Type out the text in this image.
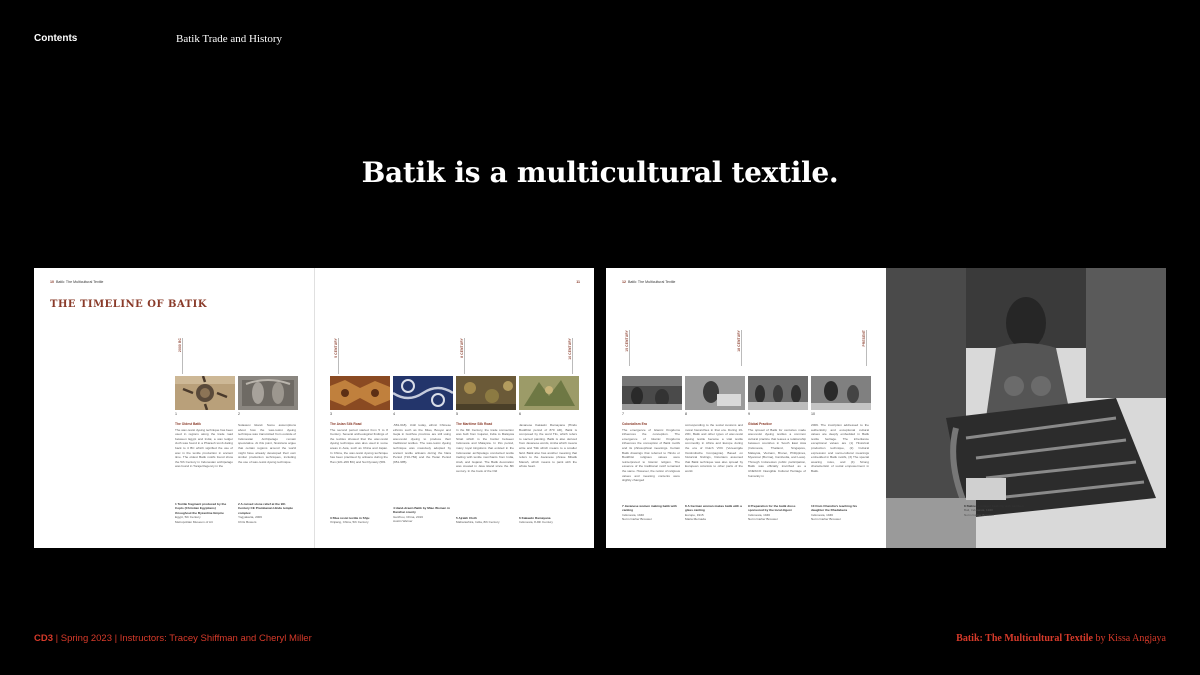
Contents	Batik Trade and History
Batik is a multicultural textile.
10 Batik: The Multicultural Textile	11
THE TIMELINE OF BATIK
2000 BC	5 CENTURY	8 CENTURY	10 CENTURY
1	2	3	4	5	6
The Oldest Batik
The wax-resist dyeing technique has been used in regions along the trade road between Egypt and India; a wax ledger cloth was found in a Pharaoh tomb dating back to 4 BC which signified the use of wax in the textile production in ancient time. The oldest Batik motifs found show the 5th Century in Indonesian archipelago was found in Toraja Regency in the
Sulawesi Island. Some assumptions about how the wax-resist dyeing technique was transmitted from outside of Indonesian Archipelago remain speculative. At this point, historians argue that certain regions around the world might have already developed their own similar production techniques, including the use of wax-resist dyeing technique.
The Asian Silk Road
The second period started from 5 to 8 Century. Several archeological findings of the textiles showed that the wax-resist dyeing technique was also used in some areas in Asia, such as China and Japan. In China, the wax-resist dyeing technique has been practised by artisans during the Han (221-206 BC) and Sui Dynasty (581
-581-618). Until today, ethnic Chinese ethnics such as the Miao, Bouyei and Gejia in Guizhou province are still using wax-resist dyeing to produce their traditional textiles. The wax-resist dyeing technique was massively adopted by ancient textile artisans during the Nara Period (710-784) and the Heian Period (951-985).
The Maritime Silk Road
In the 8th Century, the trade connection was built from Gujarat, India to Malaysia Strait which is the border between Indonesia and Malaysia. In this period, many royal kingdoms that existed in the Indonesian archipelago conducted textile trading with textile merchants from India, Arab, and Gujarat. The Batik decoration was created in Java island since the 8th century. In the book of the Old
Javanese Kakawin Ramayana (Hindu Buddhist period of 870 AD), Batik is composed by the word Tlis, which refers to sacred painting. Batik is also derived from Javanese words, Amba which means write and Titik which means to a smaller field. Batik also has another meaning that refers to the Javanese phrase Mbatik Manah, which means to paint with the whole heart.
1 Textile fragment produced by the Copts (Christian Egyptians) throughout the Byzantine Empire
Egypt, 5th Century
Metropolitan Museum of Art
2 A carved stone relief at the 9th Century CE Prambanan Hindu temple complex
Yogyakarta, 2006
Chris Bowers
3 Blue resist textile in Shju
Xinjiang, China, 5th Century
4 Hand-drawn Batik by Miao Women in Danzhai county
Guizhou, China, 2016
Austin Warner
5 Ajrakh Cloth
Maharashtra, India, 8th Century
6 Kakawin Ramayana
Indonesia, 8-9th Century
12 Batik: The Multicultural Textile
15 CENTURY	18 CENTURY	PRESENT
7	8	9	10
Colonialism Era
The emergence of Islamic Kingdoms influences the conception. The emergence of Islamic Kingdoms influences the conception of Batik motifs and its philosophical meanings. Certain Batik drawings that referred to Hindu or Buddhist religious values were reinterpreted to Islamic religion. The essence of the traditional motif remained the same. However, the notion of religious values and meaning contents were slightly changed
corresponding to the social customs and moral hierarchies in that era. During 16-20C, Batik and other types of wax-resist dyeing textile became a vital textile commodity in Africa and Europe during the era of Dutch VOC (Vereenigde Oostindische Compagnie). Based on historical findings, historians assumed that Batik technique was also spread by European colonists to other parts of the world.
Global Practice
The spread of Batik for centuries made wax-resist dyeing textiles a common cultural practice that leaves a relationship between countries in South East Asia (Indonesia, Thailand, Singapore, Malaysia, Vietnam, Brunei, Philippines, Myanmar (Burma), Cambodia, and Laos). Through Indonesian public participation, Batik was officially inscribed as a UNESCO Intangible Cultural Heritage of humanity in
2009. The inscription addressed to the authenticity and exceptional cultural values are deeply embedded in Batik textile heritage. The inheritance exceptional values are (1) Historical production technique, (2) Cultural expression and socio-cultural meanings embedded in Batik motifs, (3) The special wearing rules, and (4) Strong characteristic of social empowerment in Batik.
7 Javanese women making batik with canting
Indonesia, 1940
Norm Carlier Brouwer
8 A German woman makes batik with a glass canting
Europe, 1915
Maria Mernada
9 Preparation for the batik dress sponsored by the local digest
Indonesia, 1946
Norm Carlier Brouwer
10 Oom Chandra's teaching his daughter the Dhedabeca
Indonesia, 1946
Norm Carlier Brouwer
8 Balinese villager batiking with bamboo
Bali, Indonesia, 1940
Norm Carlier Brouwer
CD3 | Spring 2023 | Instructors: Tracey Shiffman and Cheryl Miller	Batik: The Multicultural Textile by Kissa Angjaya
